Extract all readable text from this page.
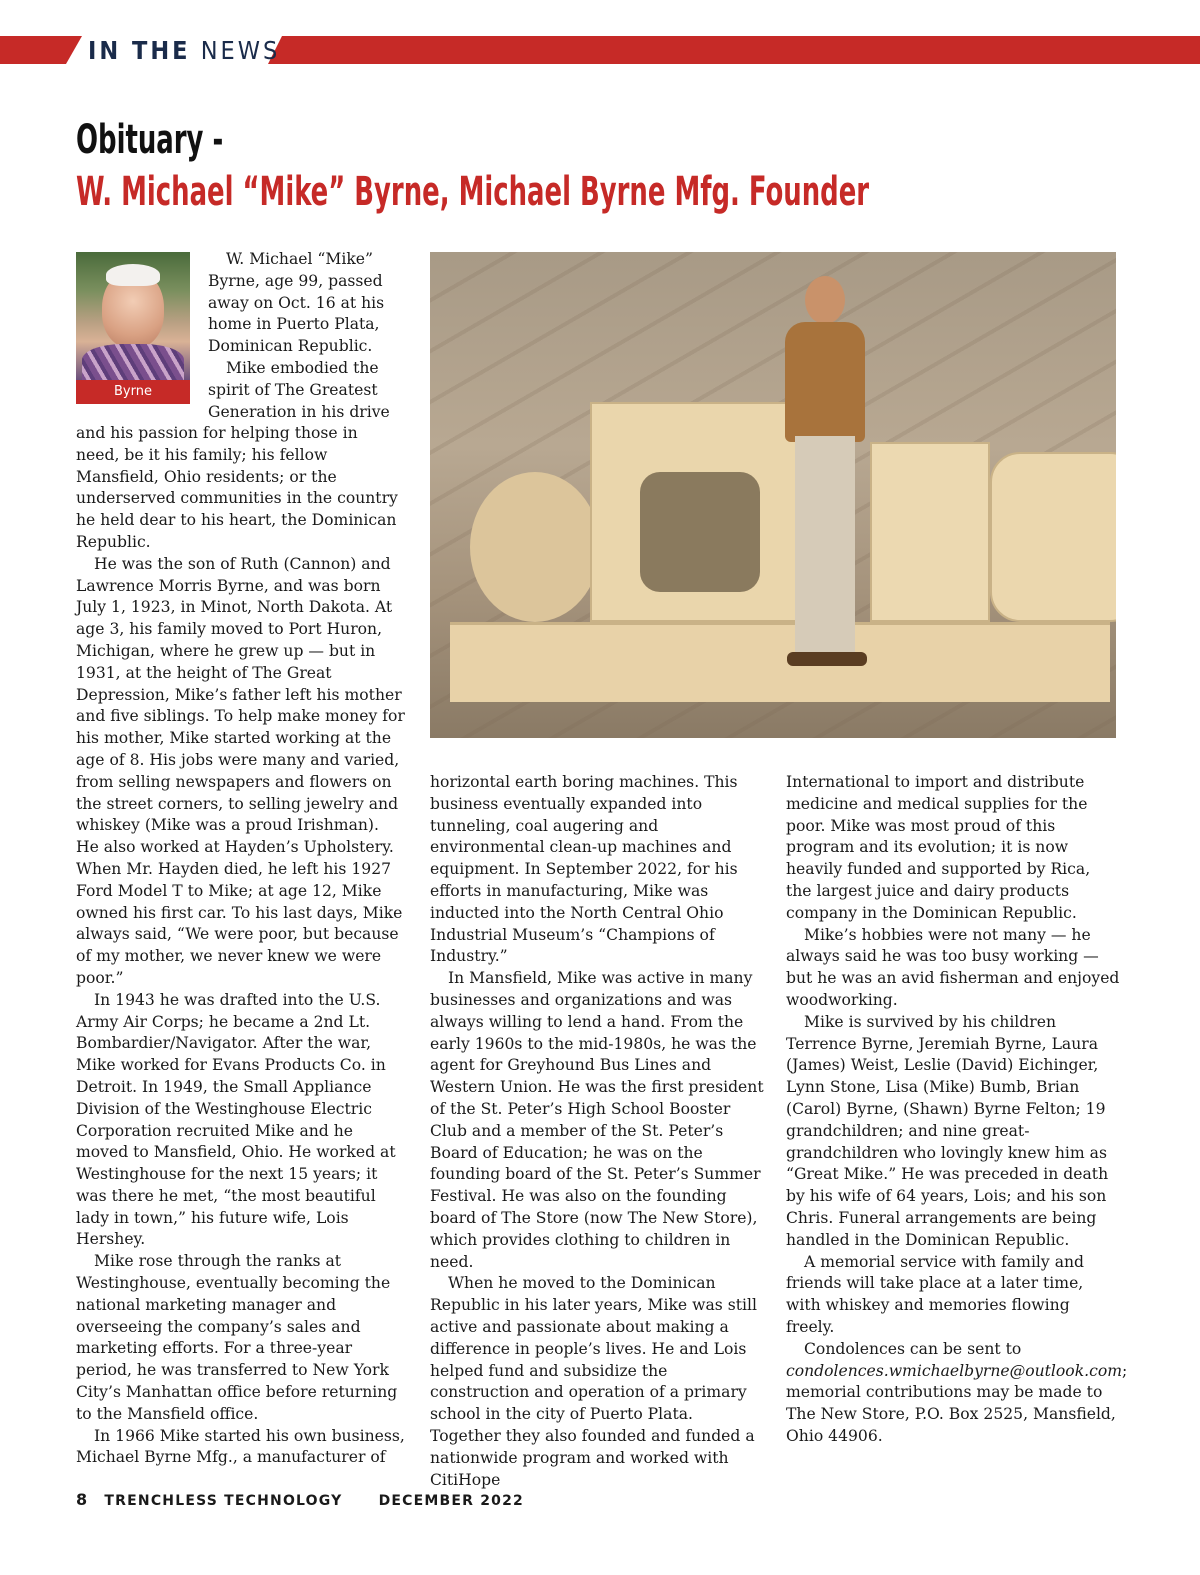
IN THE NEWS
Obituary -
W. Michael “Mike” Byrne, Michael Byrne Mfg. Founder
Byrne

W. Michael “Mike” Byrne, age 99, passed away on Oct. 16 at his home in Puerto Plata, Dominican Republic.

Mike embodied the spirit of The Greatest Generation in his drive

and his passion for helping those in need, be it his family; his fellow Mansfield, Ohio residents; or the underserved communities in the country he held dear to his heart, the Dominican Republic.

He was the son of Ruth (Cannon) and Lawrence Morris Byrne, and was born July 1, 1923, in Minot, North Dakota. At age 3, his family moved to Port Huron, Michigan, where he grew up — but in 1931, at the height of The Great Depression, Mike’s father left his mother and five siblings. To help make money for his mother, Mike started working at the age of 8. His jobs were many and varied, from selling newspapers and flowers on the street corners, to selling jewelry and whiskey (Mike was a proud Irishman). He also worked at Hayden’s Upholstery. When Mr. Hayden died, he left his 1927 Ford Model T to Mike; at age 12, Mike owned his first car. To his last days, Mike always said, “We were poor, but because of my mother, we never knew we were poor.”

In 1943 he was drafted into the U.S. Army Air Corps; he became a 2nd Lt. Bombardier/Navigator. After the war, Mike worked for Evans Products Co. in Detroit. In 1949, the Small Appliance Division of the Westinghouse Electric Corporation recruited Mike and he moved to Mansfield, Ohio. He worked at Westinghouse for the next 15 years; it was there he met, “the most beautiful lady in town,” his future wife, Lois Hershey.

Mike rose through the ranks at Westinghouse, eventually becoming the national marketing manager and overseeing the company’s sales and marketing efforts. For a three-year period, he was transferred to New York City’s Manhattan office before returning to the Mansfield office.

In 1966 Mike started his own business, Michael Byrne Mfg., a manufacturer of

horizontal earth boring machines. This business eventually expanded into tunneling, coal augering and environmental clean-up machines and equipment. In September 2022, for his efforts in manufacturing, Mike was inducted into the North Central Ohio Industrial Museum’s “Champions of Industry.”

In Mansfield, Mike was active in many businesses and organizations and was always willing to lend a hand. From the early 1960s to the mid-1980s, he was the agent for Greyhound Bus Lines and Western Union. He was the first president of the St. Peter’s High School Booster Club and a member of the St. Peter’s Board of Education; he was on the founding board of the St. Peter’s Summer Festival. He was also on the founding board of The Store (now The New Store), which provides clothing to children in need.

When he moved to the Dominican Republic in his later years, Mike was still active and passionate about making a difference in people’s lives. He and Lois helped fund and subsidize the construction and operation of a primary school in the city of Puerto Plata. Together they also founded and funded a nationwide program and worked with CitiHope

International to import and distribute medicine and medical supplies for the poor. Mike was most proud of this program and its evolution; it is now heavily funded and supported by Rica, the largest juice and dairy products company in the Dominican Republic.

Mike’s hobbies were not many — he always said he was too busy working — but he was an avid fisherman and enjoyed woodworking.

Mike is survived by his children Terrence Byrne, Jeremiah Byrne, Laura (James) Weist, Leslie (David) Eichinger, Lynn Stone, Lisa (Mike) Bumb, Brian (Carol) Byrne, (Shawn) Byrne Felton; 19 grandchildren; and nine great-grandchildren who lovingly knew him as “Great Mike.” He was preceded in death by his wife of 64 years, Lois; and his son Chris. Funeral arrangements are being handled in the Dominican Republic.

A memorial service with family and friends will take place at a later time, with whiskey and memories flowing freely.

Condolences can be sent to condolences.wmichaelbyrne@outlook.com; memorial contributions may be made to The New Store, P.O. Box 2525, Mansfield, Ohio 44906.

8 TRENCHLESS TECHNOLOGY	DECEMBER 2022
